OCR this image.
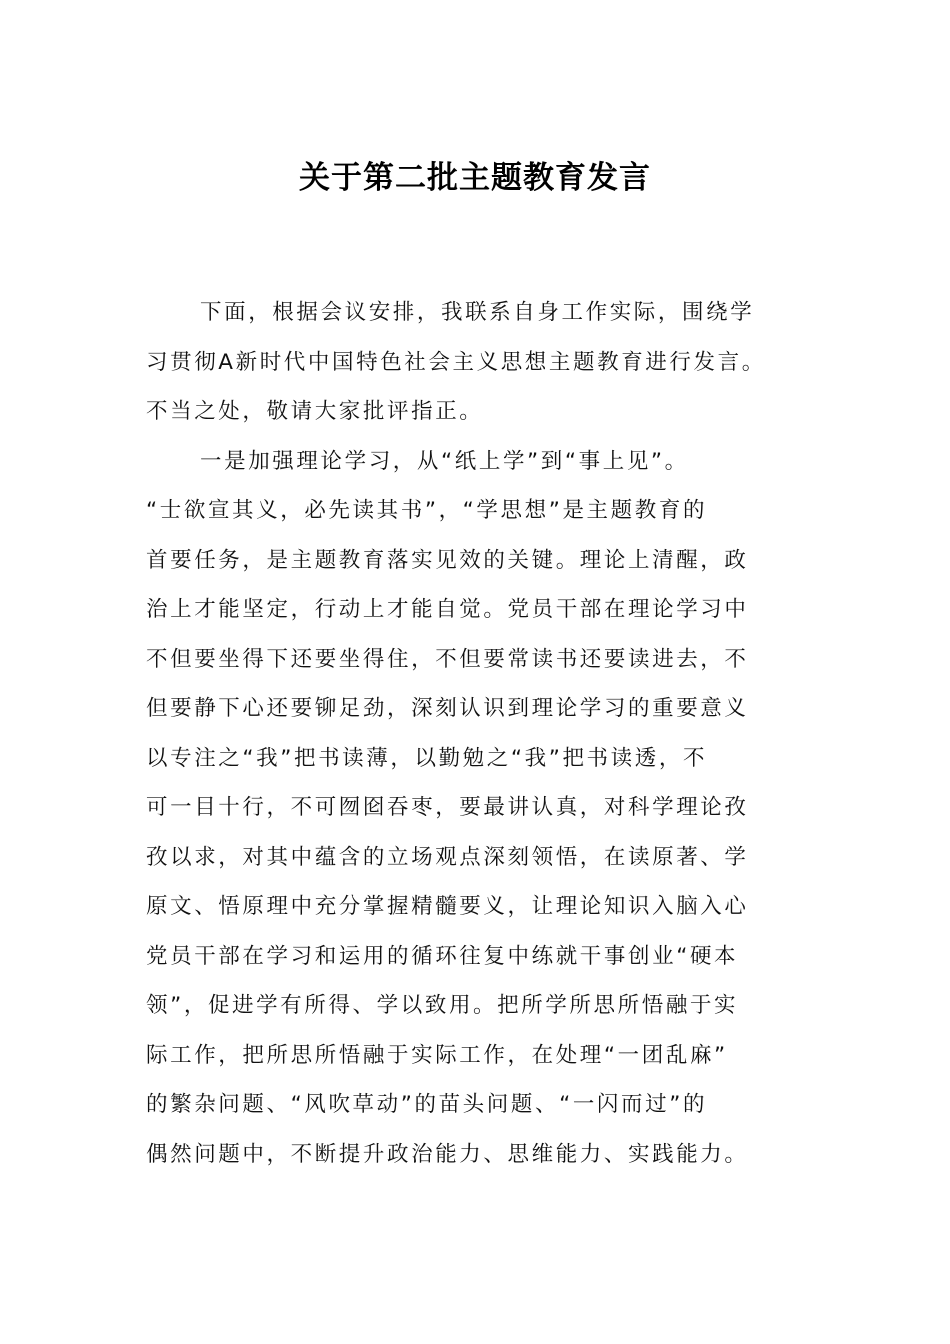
关于第二批主题教育发言
下面，根据会议安排，我联系自身工作实际，围绕学
习贯彻A新时代中国特色社会主义思想主题教育进行发言。
不当之处，敬请大家批评指正。
一是加强理论学习，从“纸上学”到“事上见”。
“士欲宣其义，必先读其书”，“学思想”是主题教育的
首要任务，是主题教育落实见效的关键。理论上清醒，政
治上才能坚定，行动上才能自觉。党员干部在理论学习中
不但要坐得下还要坐得住，不但要常读书还要读进去，不
但要静下心还要铆足劲，深刻认识到理论学习的重要意义
以专注之“我”把书读薄，以勤勉之“我”把书读透，不
可一目十行，不可囫囵吞枣，要最讲认真，对科学理论孜
孜以求，对其中蕴含的立场观点深刻领悟，在读原著、学
原文、悟原理中充分掌握精髓要义，让理论知识入脑入心
党员干部在学习和运用的循环往复中练就干事创业“硬本
领”，促进学有所得、学以致用。把所学所思所悟融于实
际工作，把所思所悟融于实际工作，在处理“一团乱麻”
的繁杂问题、“风吹草动”的苗头问题、“一闪而过”的
偶然问题中，不断提升政治能力、思维能力、实践能力。
